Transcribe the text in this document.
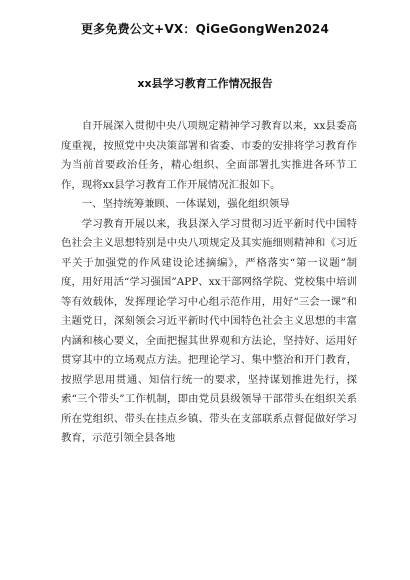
更多免费公文+VX：QiGeGongWen2024
xx县学习教育工作情况报告

自开展深入贯彻中央八项规定精神学习教育以来，xx县委高度重视，按照党中央决策部署和省委、市委的安排将学习教育作为当前首要政治任务，精心组织、全面部署扎实推进各环节工作，现将xx县学习教育工作开展情况汇报如下。

一、坚持统筹兼顾、一体谋划，强化组织领导

学习教育开展以来，我县深入学习贯彻习近平新时代中国特色社会主义思想特别是中央八项规定及其实施细则精神和《习近平关于加强党的作风建设论述摘编》，严格落实“第一议题”制度，用好用活“学习强国”APP、xx干部网络学院、党校集中培训等有效载体，发挥理论学习中心组示范作用，用好“三会一课”和主题党日，深刻领会习近平新时代中国特色社会主义思想的丰富内涵和核心要义，全面把握其世界观和方法论，坚持好、运用好贯穿其中的立场观点方法。把理论学习、集中整治和开门教育，按照学思用贯通、知信行统一的要求，坚持谋划推进先行，探索“三个带头”工作机制，即由党员县级领导干部带头在组织关系所在党组织、带头在挂点乡镇、带头在支部联系点督促做好学习教育，示范引领全县各地
